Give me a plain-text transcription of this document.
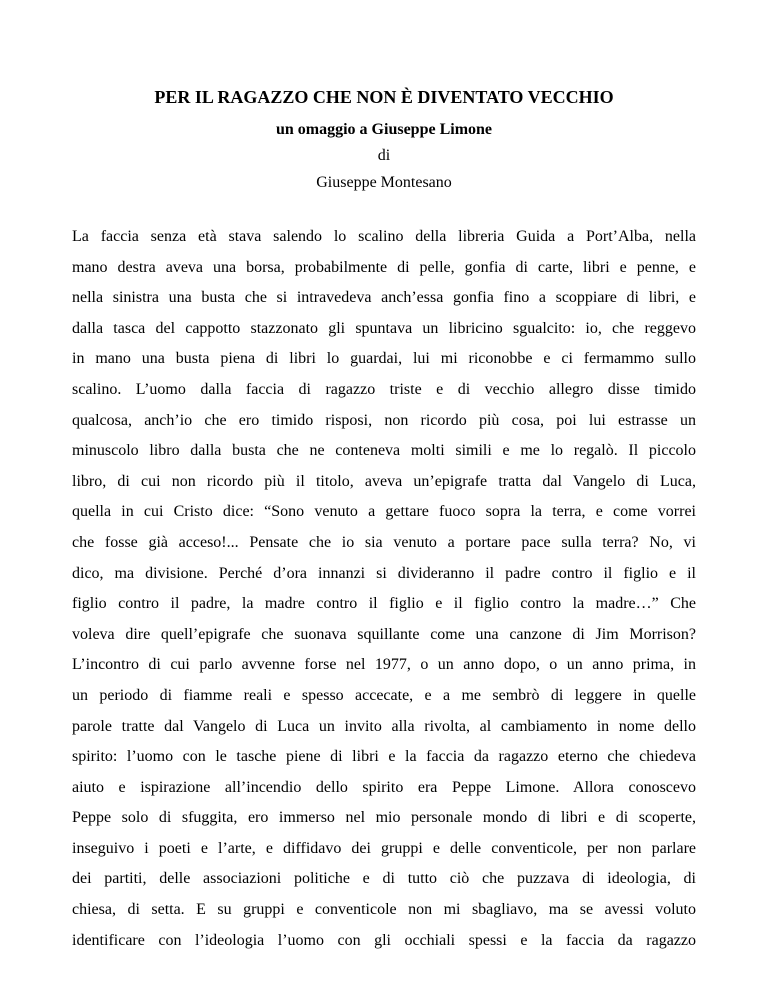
PER IL RAGAZZO CHE NON È DIVENTATO VECCHIO
un omaggio a Giuseppe Limone
di
Giuseppe Montesano
La faccia senza età stava salendo lo scalino della libreria Guida a Port’Alba, nella
mano destra aveva una borsa, probabilmente di pelle, gonfia di carte, libri e penne, e
nella sinistra una busta che si intravedeva anch’essa gonfia fino a scoppiare di libri, e
dalla tasca del cappotto stazzonato gli spuntava un libricino sgualcito: io, che reggevo
in mano una busta piena di libri lo guardai, lui mi riconobbe e ci fermammo sullo
scalino. L’uomo dalla faccia di ragazzo triste e di vecchio allegro disse timido
qualcosa, anch’io che ero timido risposi, non ricordo più cosa, poi lui estrasse un
minuscolo libro dalla busta che ne conteneva molti simili e me lo regalò. Il piccolo
libro, di cui non ricordo più il titolo, aveva un’epigrafe tratta dal Vangelo di Luca,
quella in cui Cristo dice: “Sono venuto a gettare fuoco sopra la terra, e come vorrei
che fosse già acceso!... Pensate che io sia venuto a portare pace sulla terra? No, vi
dico, ma divisione. Perché d’ora innanzi si divideranno il padre contro il figlio e il
figlio contro il padre, la madre contro il figlio e il figlio contro la madre…” Che
voleva dire quell’epigrafe che suonava squillante come una canzone di Jim Morrison?
L’incontro di cui parlo avvenne forse nel 1977, o un anno dopo, o un anno prima, in
un periodo di fiamme reali e spesso accecate, e a me sembrò di leggere in quelle
parole tratte dal Vangelo di Luca un invito alla rivolta, al cambiamento in nome dello
spirito: l’uomo con le tasche piene di libri e la faccia da ragazzo eterno che chiedeva
aiuto e ispirazione all’incendio dello spirito era Peppe Limone. Allora conoscevo
Peppe solo di sfuggita, ero immerso nel mio personale mondo di libri e di scoperte,
inseguivo i poeti e l’arte, e diffidavo dei gruppi e delle conventicole, per non parlare
dei partiti, delle associazioni politiche e di tutto ciò che puzzava di ideologia, di
chiesa, di setta. E su gruppi e conventicole non mi sbagliavo, ma se avessi voluto
identificare con l’ideologia l’uomo con gli occhiali spessi e la faccia da ragazzo
